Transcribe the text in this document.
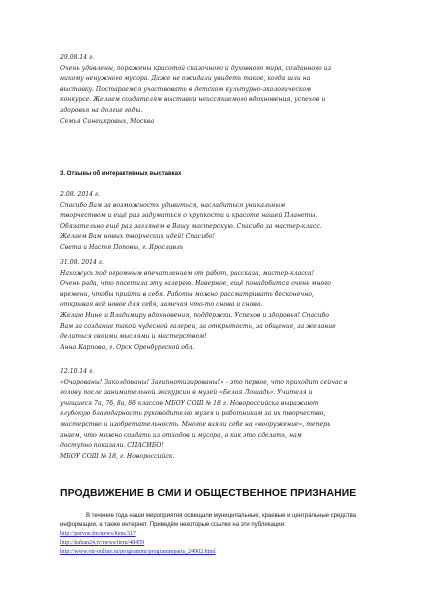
29.08.14 г.
Очень удивлены, поражены красотой сказочного и духовного мира, созданного из
никому ненужного мусора. Даже не ожидали увидеть такое, когда шли на
выставку. Постараемся участвовать в детском культурно-экологическом
конкурсе. Желаем создателям выставки неиссякаемого вдохновения, успехов и
здоровья на долгие годы.
Семья Синецкровых, Москва
3. Отзывы об интерактивных выставках
2.08. 2014 г.
Спасибо Вам за возможность удивиться, насладиться уникальным
творчеством и ещё раз задуматься о хрупкости и красоте нашей Планеты.
Обязательно ещё раз заглянем в Вашу мастерскую. Спасибо за мастер-класс.
Желаем Вам новых творческих идей! Спасибо!
Света и Настя Поповы, г. Ярославль
31.08. 2014 г.
Нахожусь под огромным впечатлением от работ, рассказа, мастер-класса!
Очень рада, что посетила эту галерею. Наверное, ещё понадобится очень много
времени, чтобы прийти в себя. Работы можно рассматривать бесконечно,
открывая всё новое для себя, замечая что-то снова и снова.
Желаю Нине и Владимиру вдохновения, поддержки. Успехов и здоровья! Спасибо
Вам за создание такой чудесной галереи, за открытость, за общение, за желание
делиться своими мыслями и мастерством!
Анна Карпова, г. Орск Оренбургской обл.
12.10.14 г.
«Очарованы! Заколдованы! Загипнотизированы!» - это первое, что приходит сейчас в
голову после занимательной экскурсии в музей «Белая Лошадь». Учителя и
учащиеся 7а, 7б, 8а, 8б классов МБОУ СОШ № 18 г. Новороссийска выражают
глубокую благодарность руководителю музея и работникам за их творчество,
мастерство и изобретательность. Многое взяли себе на «вооружение», теперь
знаем, что можно создать из отходов и мусора, а как это сделать, нам
доступно показали. СПАСИБО!
МБОУ СОШ № 18, г. Новороссийск.
ПРОДВИЖЕНИЕ В СМИ И ОБЩЕСТВЕННОЕ ПРИЗНАНИЕ
В течение года наши мероприятия освещали муниципальные, краевые и центральные средства
информации, а также интернет. Приведём некоторые ссылки на эти публикации:
http://pervoe.fm/news/item/317
http://kuban24.tv/news/item/48459
http://www.otr-online.ru/programmi/programmparts_24902.html
